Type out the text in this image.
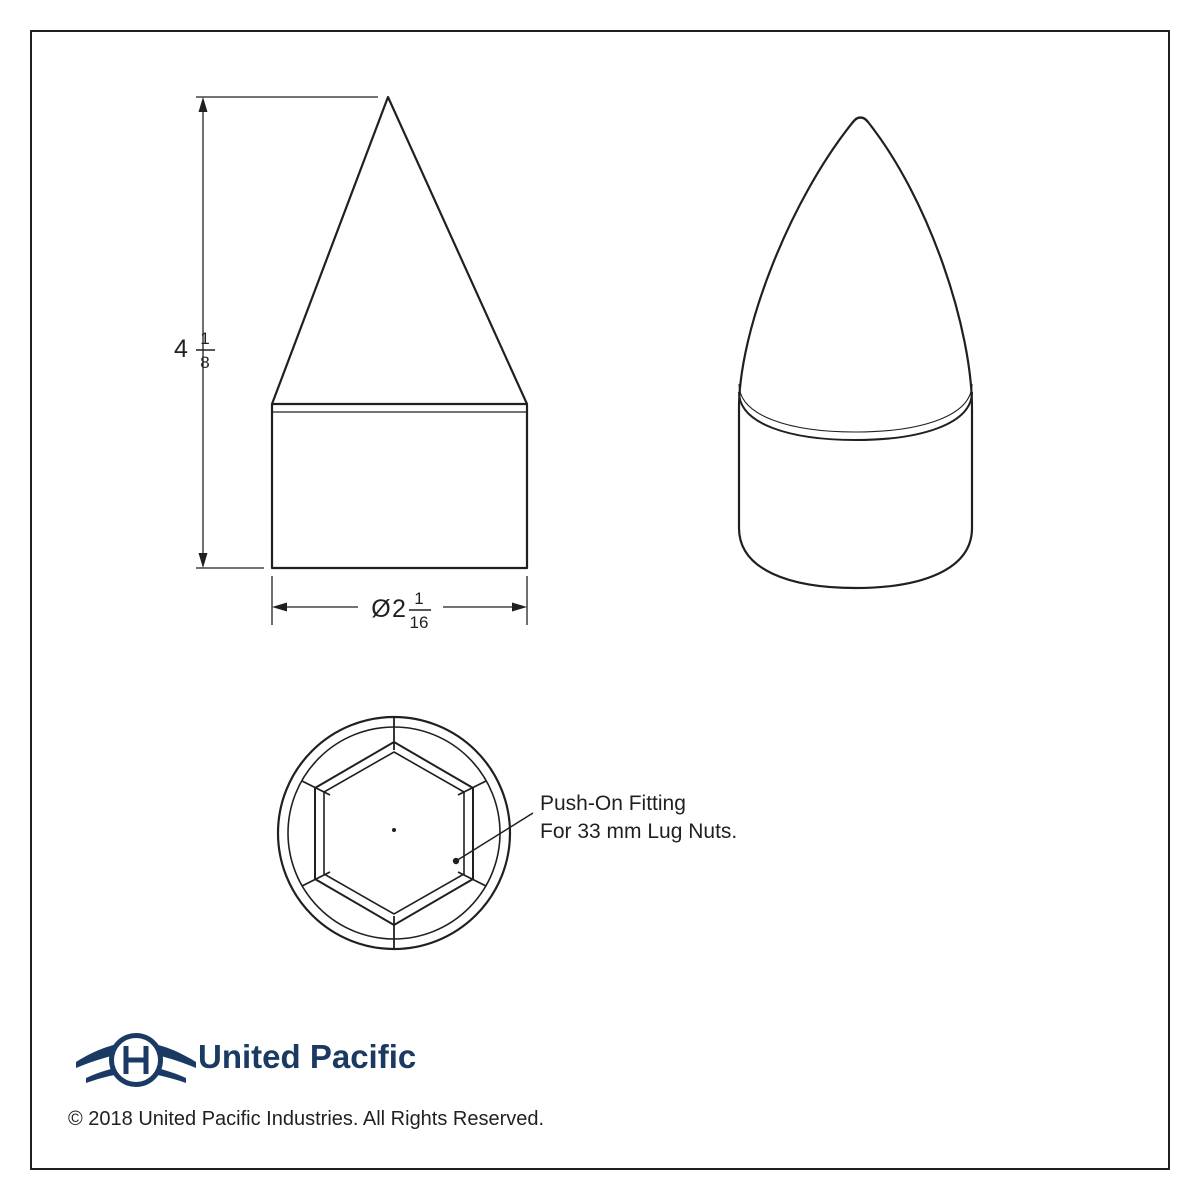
4 1
8
Ø 2 1
16
Push-On Fitting
For 33 mm Lug Nuts.
United Pacific
© 2018 United Pacific Industries. All Rights Reserved.
